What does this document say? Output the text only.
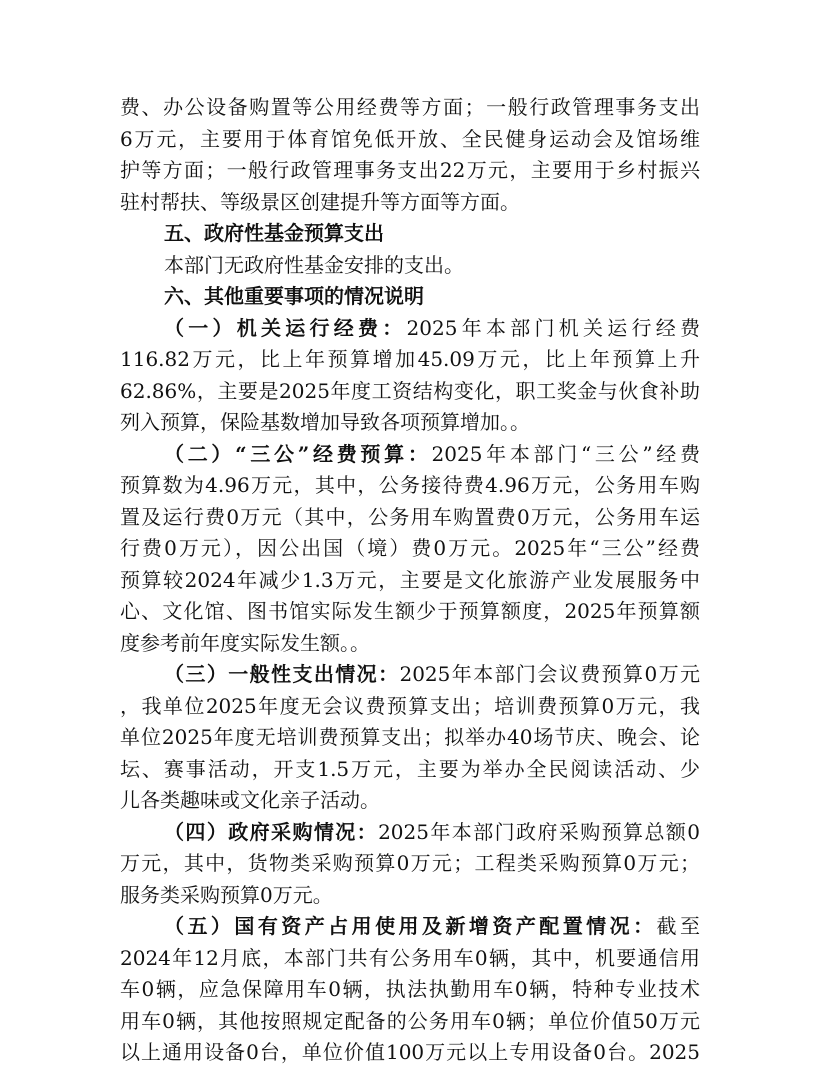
费、办公设备购置等公用经费等方面；一般行政管理事务支出
6万元，主要用于体育馆免低开放、全民健身运动会及馆场维
护等方面；一般行政管理事务支出22万元，主要用于乡村振兴
驻村帮扶、等级景区创建提升等方面等方面。
五、政府性基金预算支出
本部门无政府性基金安排的支出。
六、其他重要事项的情况说明
（一）机关运行经费：2025年本部门机关运行经费
116.82万元，比上年预算增加45.09万元，比上年预算上升
62.86%，主要是2025年度工资结构变化，职工奖金与伙食补助
列入预算，保险基数增加导致各项预算增加。。
（二）“三公”经费预算：2025年本部门“三公”经费
预算数为4.96万元，其中，公务接待费4.96万元，公务用车购
置及运行费0万元（其中，公务用车购置费0万元，公务用车运
行费0万元），因公出国（境）费0万元。2025年“三公”经费
预算较2024年减少1.3万元，主要是文化旅游产业发展服务中
心、文化馆、图书馆实际发生额少于预算额度，2025年预算额
度参考前年度实际发生额。。
（三）一般性支出情况：2025年本部门会议费预算0万元
，我单位2025年度无会议费预算支出；培训费预算0万元，我
单位2025年度无培训费预算支出；拟举办40场节庆、晚会、论
坛、赛事活动，开支1.5万元，主要为举办全民阅读活动、少
儿各类趣味或文化亲子活动。
（四）政府采购情况：2025年本部门政府采购预算总额0
万元，其中，货物类采购预算0万元；工程类采购预算0万元；
服务类采购预算0万元。
（五）国有资产占用使用及新增资产配置情况：截至
2024年12月底，本部门共有公务用车0辆，其中，机要通信用
车0辆，应急保障用车0辆，执法执勤用车0辆，特种专业技术
用车0辆，其他按照规定配备的公务用车0辆；单位价值50万元
以上通用设备0台，单位价值100万元以上专用设备0台。2025
